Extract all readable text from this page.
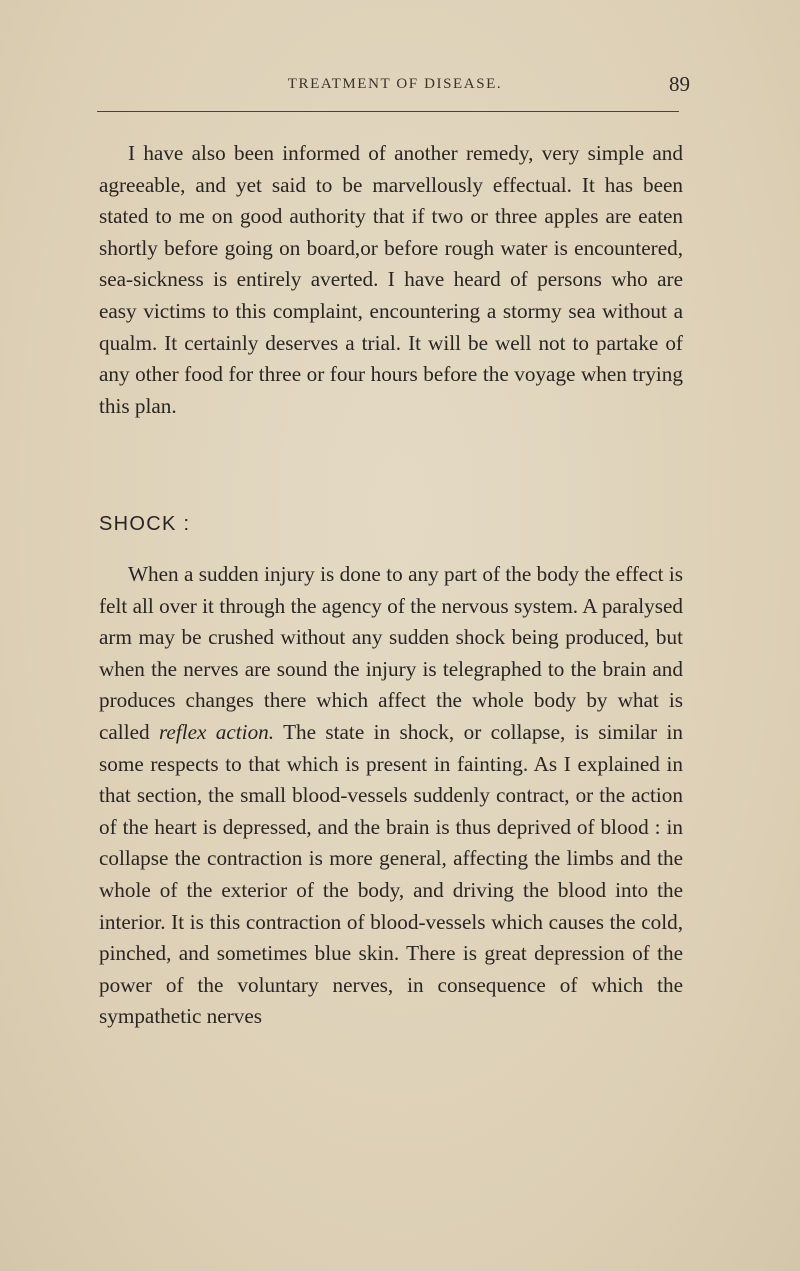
TREATMENT OF DISEASE.	89

I have also been informed of another remedy, very simple and agreeable, and yet said to be marvellously effectual. It has been stated to me on good authority that if two or three apples are eaten shortly before going on board,or before rough water is encountered, sea-sickness is entirely averted. I have heard of persons who are easy victims to this complaint, encountering a stormy sea without a qualm. It certainly deserves a trial. It will be well not to partake of any other food for three or four hours before the voyage when trying this plan.

SHOCK :

When a sudden injury is done to any part of the body the effect is felt all over it through the agency of the nervous system. A paralysed arm may be crushed without any sudden shock being produced, but when the nerves are sound the injury is telegraphed to the brain and produces changes there which affect the whole body by what is called reflex action. The state in shock, or collapse, is similar in some respects to that which is present in fainting. As I explained in that section, the small blood-vessels suddenly contract, or the action of the heart is depressed, and the brain is thus deprived of blood : in collapse the contraction is more general, affecting the limbs and the whole of the exterior of the body, and driving the blood into the interior. It is this contraction of blood-vessels which causes the cold, pinched, and sometimes blue skin. There is great depression of the power of the voluntary nerves, in consequence of which the sympathetic nerves
